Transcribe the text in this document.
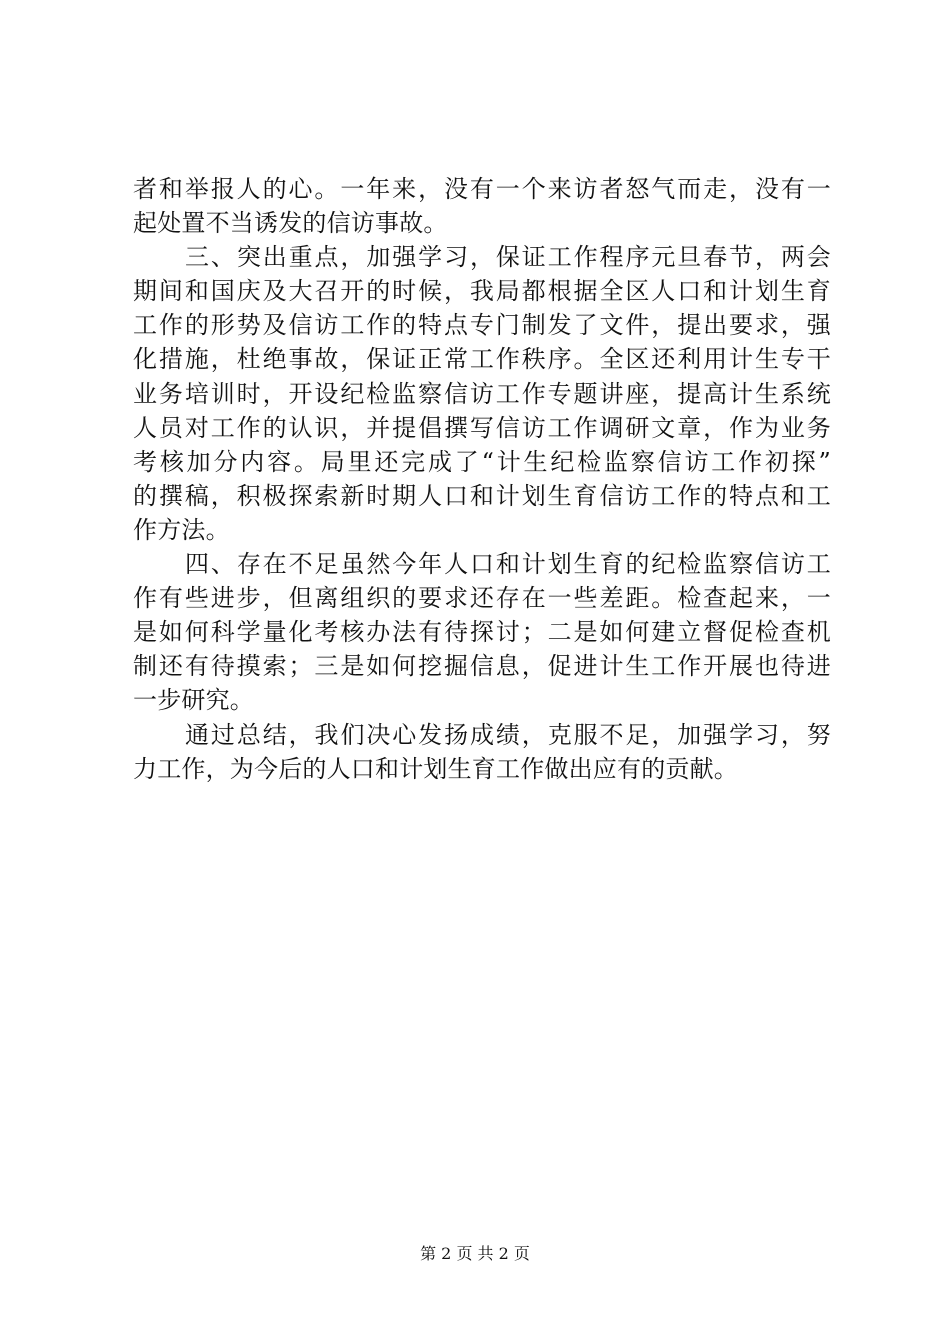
者和举报人的心。一年来，没有一个来访者怒气而走，没有一
起处置不当诱发的信访事故。
三、突出重点，加强学习，保证工作程序元旦春节，两会
期间和国庆及大召开的时候，我局都根据全区人口和计划生育
工作的形势及信访工作的特点专门制发了文件，提出要求，强
化措施，杜绝事故，保证正常工作秩序。全区还利用计生专干
业务培训时，开设纪检监察信访工作专题讲座，提高计生系统
人员对工作的认识，并提倡撰写信访工作调研文章，作为业务
考核加分内容。局里还完成了“计生纪检监察信访工作初探”
的撰稿，积极探索新时期人口和计划生育信访工作的特点和工
作方法。
四、存在不足虽然今年人口和计划生育的纪检监察信访工
作有些进步，但离组织的要求还存在一些差距。检查起来，一
是如何科学量化考核办法有待探讨；二是如何建立督促检查机
制还有待摸索；三是如何挖掘信息，促进计生工作开展也待进
一步研究。
通过总结，我们决心发扬成绩，克服不足，加强学习，努
力工作，为今后的人口和计划生育工作做出应有的贡献。
第 2 页 共 2 页
